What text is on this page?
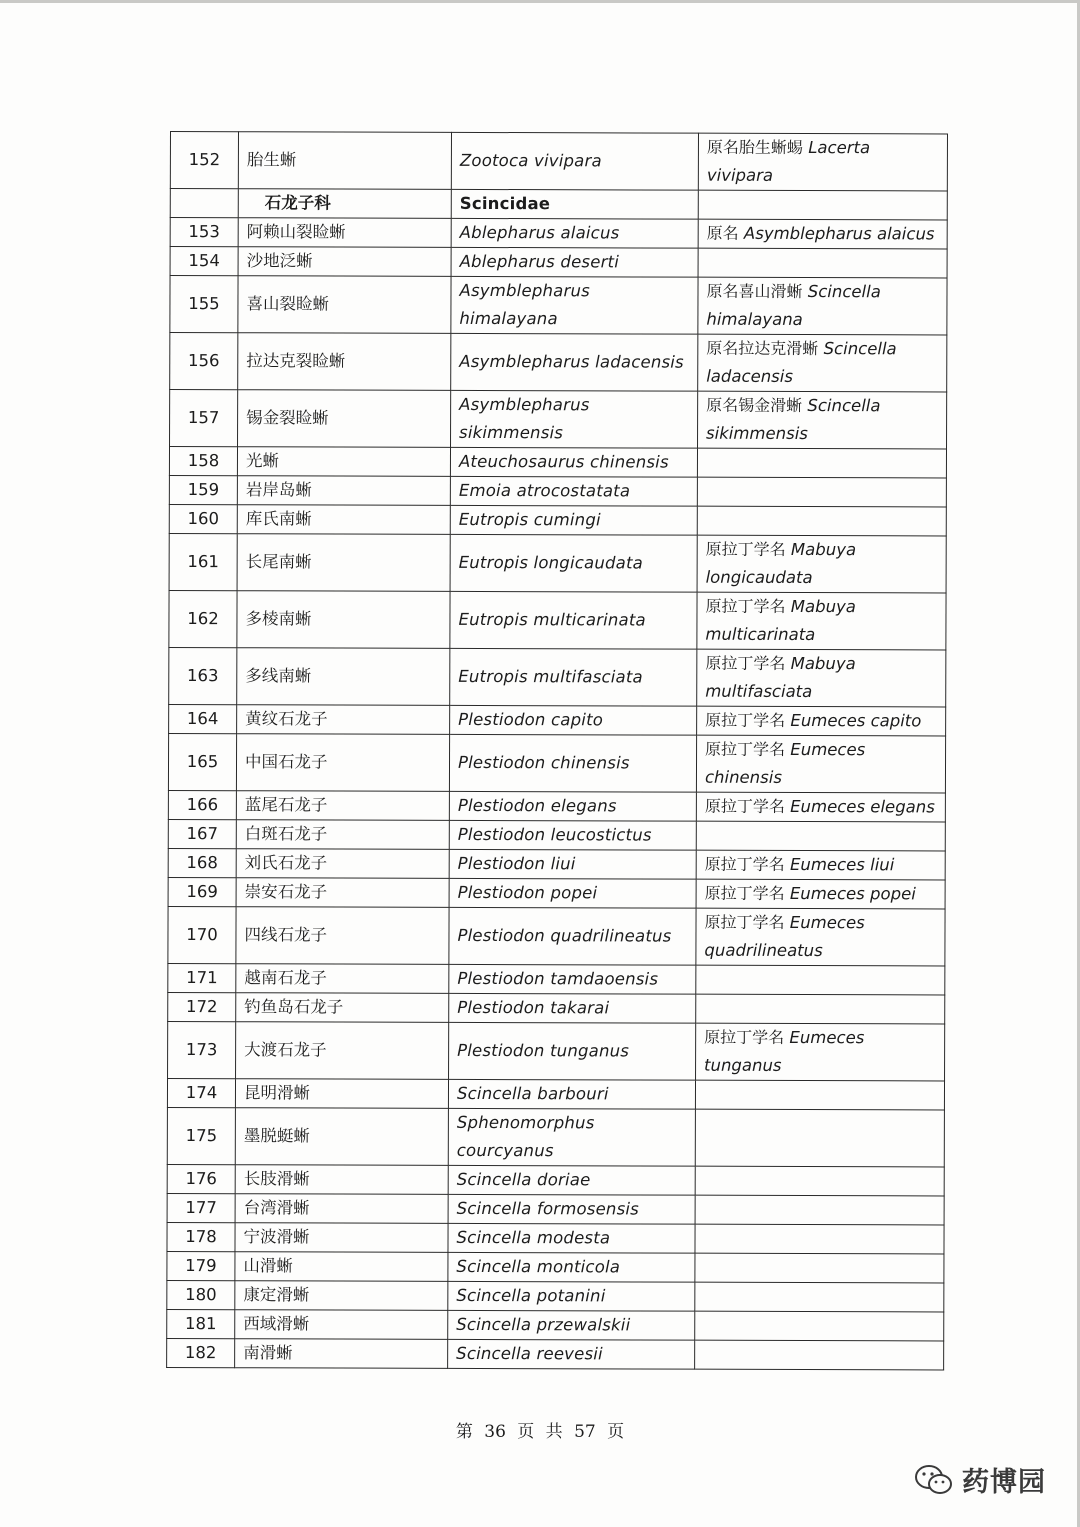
152	胎生蜥	Zootoca vivipara	原名胎生蜥蜴 Lacerta vivipara
	石龙子科	Scincidae	
153	阿赖山裂睑蜥	Ablepharus alaicus	原名 Asymblepharus alaicus
154	沙地泛蜥	Ablepharus deserti	
155	喜山裂睑蜥	Asymblepharus himalayana	原名喜山滑蜥 Scincella himalayana
156	拉达克裂睑蜥	Asymblepharus ladacensis	原名拉达克滑蜥 Scincella ladacensis
157	锡金裂睑蜥	Asymblepharus sikimmensis	原名锡金滑蜥 Scincella sikimmensis
158	光蜥	Ateuchosaurus chinensis	
159	岩岸岛蜥	Emoia atrocostatata	
160	库氏南蜥	Eutropis cumingi	
161	长尾南蜥	Eutropis longicaudata	原拉丁学名 Mabuya longicaudata
162	多棱南蜥	Eutropis multicarinata	原拉丁学名 Mabuya multicarinata
163	多线南蜥	Eutropis multifasciata	原拉丁学名 Mabuya multifasciata
164	黄纹石龙子	Plestiodon capito	原拉丁学名 Eumeces capito
165	中国石龙子	Plestiodon chinensis	原拉丁学名 Eumeces chinensis
166	蓝尾石龙子	Plestiodon elegans	原拉丁学名 Eumeces elegans
167	白斑石龙子	Plestiodon leucostictus	
168	刘氏石龙子	Plestiodon liui	原拉丁学名 Eumeces liui
169	崇安石龙子	Plestiodon popei	原拉丁学名 Eumeces popei
170	四线石龙子	Plestiodon quadrilineatus	原拉丁学名 Eumeces quadrilineatus
171	越南石龙子	Plestiodon tamdaoensis	
172	钓鱼岛石龙子	Plestiodon takarai	
173	大渡石龙子	Plestiodon tunganus	原拉丁学名 Eumeces tunganus
174	昆明滑蜥	Scincella barbouri	
175	墨脱蜓蜥	Sphenomorphus courcyanus	
176	长肢滑蜥	Scincella doriae	
177	台湾滑蜥	Scincella formosensis	
178	宁波滑蜥	Scincella modesta	
179	山滑蜥	Scincella monticola	
180	康定滑蜥	Scincella potanini	
181	西域滑蜥	Scincella przewalskii	
182	南滑蜥	Scincella reevesii	
第 36 页 共 57 页
药博园
